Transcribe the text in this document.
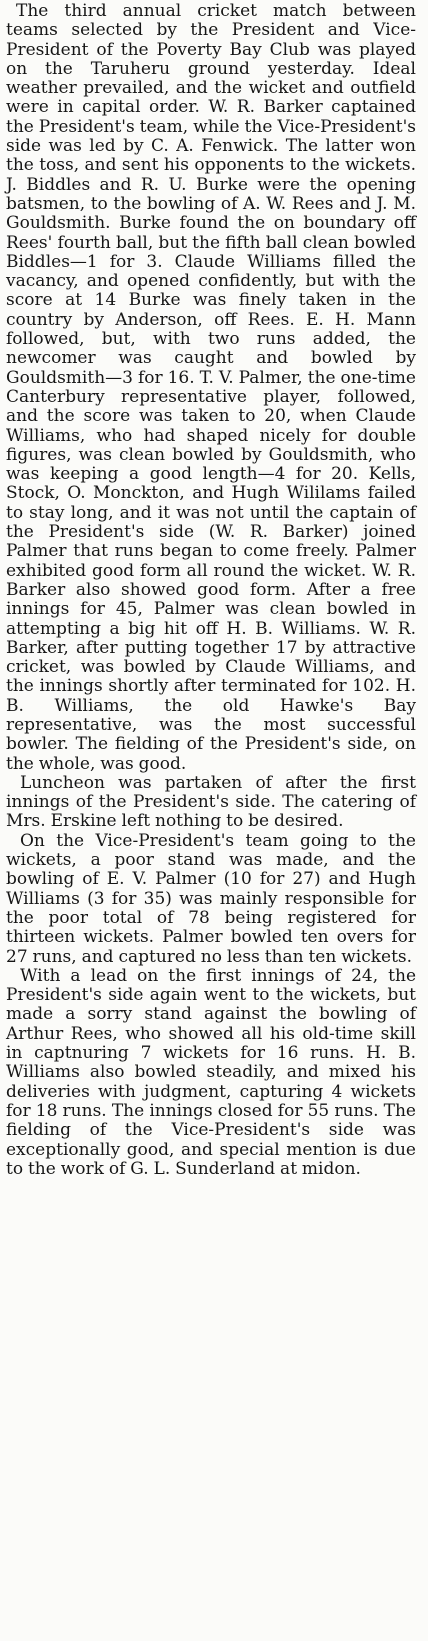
The third annual cricket match between teams selected by the President and Vice-President of the Poverty Bay Club was played on the Taruheru ground yesterday. Ideal weather prevailed, and the wicket and outfield were in capital order. W. R. Barker captained the President's team, while the Vice-President's side was led by C. A. Fenwick. The latter won the toss, and sent his opponents to the wickets. J. Biddles and R. U. Burke were the opening batsmen, to the bowling of A. W. Rees and J. M. Gouldsmith. Burke found the on boundary off Rees' fourth ball, but the fifth ball clean bowled Biddles—1 for 3. Claude Williams filled the vacancy, and opened confidently, but with the score at 14 Burke was finely taken in the country by Anderson, off Rees. E. H. Mann followed, but, with two runs added, the newcomer was caught and bowled by Gouldsmith—3 for 16. T. V. Palmer, the one-time Canterbury representative player, followed, and the score was taken to 20, when Claude Williams, who had shaped nicely for double figures, was clean bowled by Gouldsmith, who was keeping a good length—4 for 20. Kells, Stock, O. Monckton, and Hugh Wililams failed to stay long, and it was not until the captain of the President's side (W. R. Barker) joined Palmer that runs began to come freely. Palmer exhibited good form all round the wicket. W. R. Barker also showed good form. After a free innings for 45, Palmer was clean bowled in attempting a big hit off H. B. Williams. W. R. Barker, after putting together 17 by attractive cricket, was bowled by Claude Williams, and the innings shortly after terminated for 102. H. B. Williams, the old Hawke's Bay representative, was the most successful bowler. The fielding of the President's side, on the whole, was good.

Luncheon was partaken of after the first innings of the President's side. The catering of Mrs. Erskine left nothing to be desired.

On the Vice-President's team going to the wickets, a poor stand was made, and the bowling of E. V. Palmer (10 for 27) and Hugh Williams (3 for 35) was mainly responsible for the poor total of 78 being registered for thirteen wickets. Palmer bowled ten overs for 27 runs, and captured no less than ten wickets.

With a lead on the first innings of 24, the President's side again went to the wickets, but made a sorry stand against the bowling of Arthur Rees, who showed all his old-time skill in captnuring 7 wickets for 16 runs. H. B. Williams also bowled steadily, and mixed his deliveries with judgment, capturing 4 wickets for 18 runs. The innings closed for 55 runs. The fielding of the Vice-President's side was exceptionally good, and special mention is due to the work of G. L. Sunderland at midon.
